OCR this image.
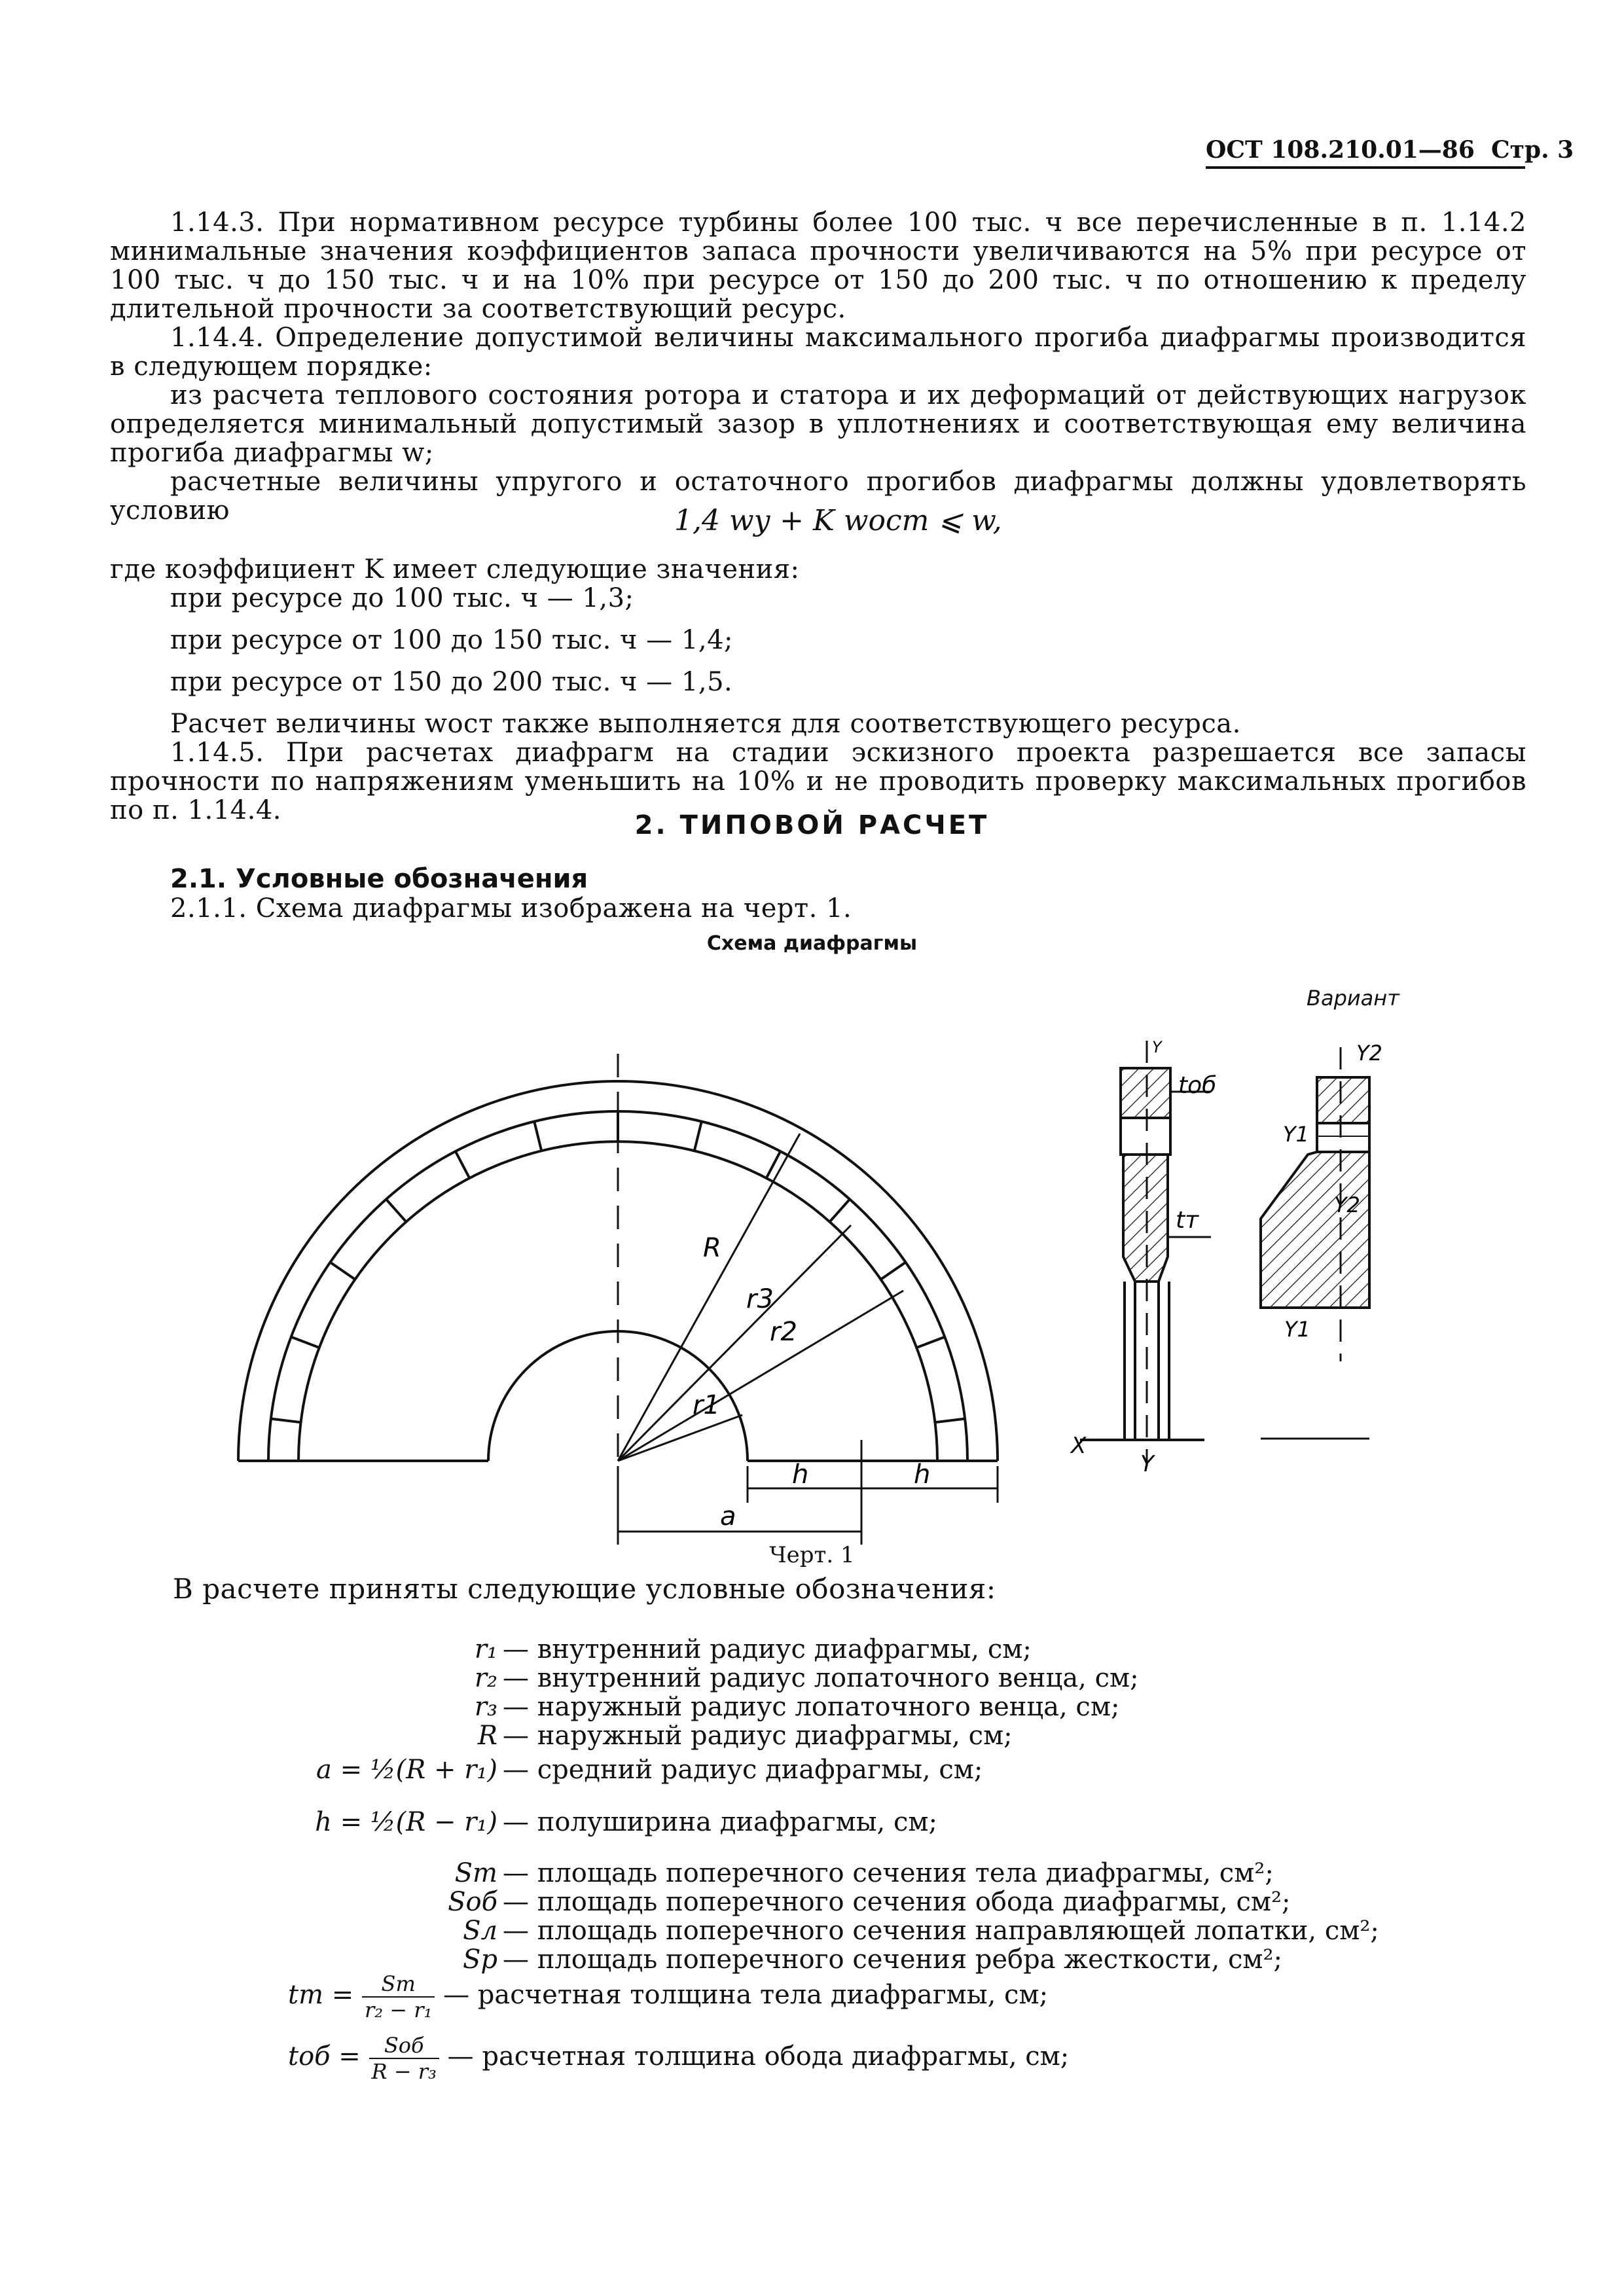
ОСТ 108.210.01—86 Стр. 3
1.14.3. При нормативном ресурсе турбины более 100 тыс. ч все перечисленные в п. 1.14.2 минимальные значения коэффициентов запаса прочности увеличиваются на 5% при ресурсе от 100 тыс. ч до 150 тыс. ч и на 10% при ресурсе от 150 до 200 тыс. ч по отношению к пределу длительной прочности за соответствующий ресурс.
1.14.4. Определение допустимой величины максимального прогиба диафрагмы производится в следующем порядке:
из расчета теплового состояния ротора и статора и их деформаций от действующих нагрузок определяется минимальный допустимый зазор в уплотнениях и соответствующая ему величина прогиба диафрагмы w;
расчетные величины упругого и остаточного прогибов диафрагмы должны удовлетворять условию	1,4 wу + K wост ⩽ w,
где коэффициент K имеет следующие значения:
при ресурсе до 100 тыс. ч — 1,3;
при ресурсе от 100 до 150 тыс. ч — 1,4;
при ресурсе от 150 до 200 тыс. ч — 1,5.
Расчет величины wост также выполняется для соответствующего ресурса.
1.14.5. При расчетах диафрагм на стадии эскизного проекта разрешается все запасы прочности по напряжениям уменьшить на 10% и не проводить проверку максимальных прогибов по п. 1.14.4.	2. ТИПОВОЙ РАСЧЕТ
2.1. Условные обозначения
2.1.1. Схема диафрагмы изображена на черт. 1.
Схема диафрагмы
Вариант
R
r3
r2
r1
h	h
a
Y
tоб
tт
X
Y
Y2
Y1
Y2
Y1
Черт. 1
В расчете приняты следующие условные обозначения:
r₁ — внутренний радиус диафрагмы, см;
r₂ — внутренний радиус лопаточного венца, см;
r₃ — наружный радиус лопаточного венца, см;
R — наружный радиус диафрагмы, см;
a = ½(R + r₁) — средний радиус диафрагмы, см;
h = ½(R − r₁) — полуширина диафрагмы, см;
Sт — площадь поперечного сечения тела диафрагмы, см²;
Sоб — площадь поперечного сечения обода диафрагмы, см²;
Sл — площадь поперечного сечения направляющей лопатки, см²;
Sр — площадь поперечного сечения ребра жесткости, см²;
tт = $\frac{Sт}{\text{r₂ − r₁}}$ — расчетная толщина тела диафрагмы, см;
tоб = $\frac{\text{Sоб}}{\text{R − r₃}}$ — расчетная толщина обода диафрагмы, см;
